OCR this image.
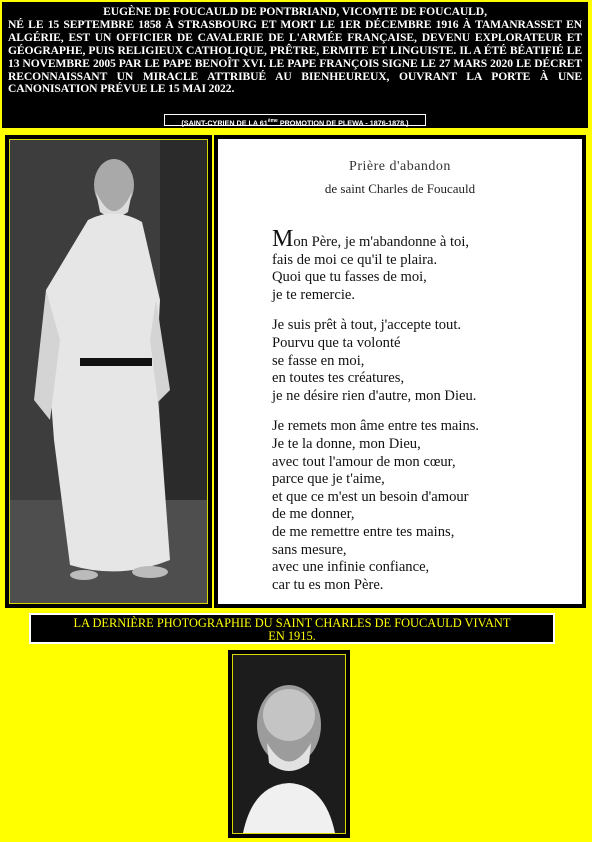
EUGÈNE DE FOUCAULD DE PONTBRIAND, VICOMTE DE FOUCAULD,
NÉ LE 15 SEPTEMBRE 1858 À STRASBOURG ET MORT LE 1ER DÉCEMBRE 1916 À TAMANRASSET EN ALGÉRIE, EST UN OFFICIER DE CAVALERIE DE L'ARMÉE FRANÇAISE, DEVENU EXPLORATEUR ET GÉOGRAPHE, PUIS RELIGIEUX CATHOLIQUE, PRÊTRE, ERMITE ET LINGUISTE. IL A ÉTÉ BÉATIFIÉ LE 13 NOVEMBRE 2005 PAR LE PAPE BENOÎT XVI. LE PAPE FRANÇOIS SIGNE LE 27 MARS 2020 LE DÉCRET RECONNAISSANT UN MIRACLE ATTRIBUÉ AU BIENHEUREUX, OUVRANT LA PORTE À UNE CANONISATION PRÉVUE LE 15 MAI 2022.
(SAINT-CYRIEN DE LA 61ème PROMOTION DE PLEWA - 1876-1878.)
Prière d'abandon
de saint Charles de Foucauld
Mon Père, je m'abandonne à toi,
fais de moi ce qu'il te plaira.
Quoi que tu fasses de moi,
je te remercie.
Je suis prêt à tout, j'accepte tout.
Pourvu que ta volonté
se fasse en moi,
en toutes tes créatures,
je ne désire rien d'autre, mon Dieu.
Je remets mon âme entre tes mains.
Je te la donne, mon Dieu,
avec tout l'amour de mon cœur,
parce que je t'aime,
et que ce m'est un besoin d'amour
de me donner,
de me remettre entre tes mains,
sans mesure,
avec une infinie confiance,
car tu es mon Père.
LA DERNIÈRE PHOTOGRAPHIE DU SAINT CHARLES DE FOUCAULD VIVANT
EN 1915.
